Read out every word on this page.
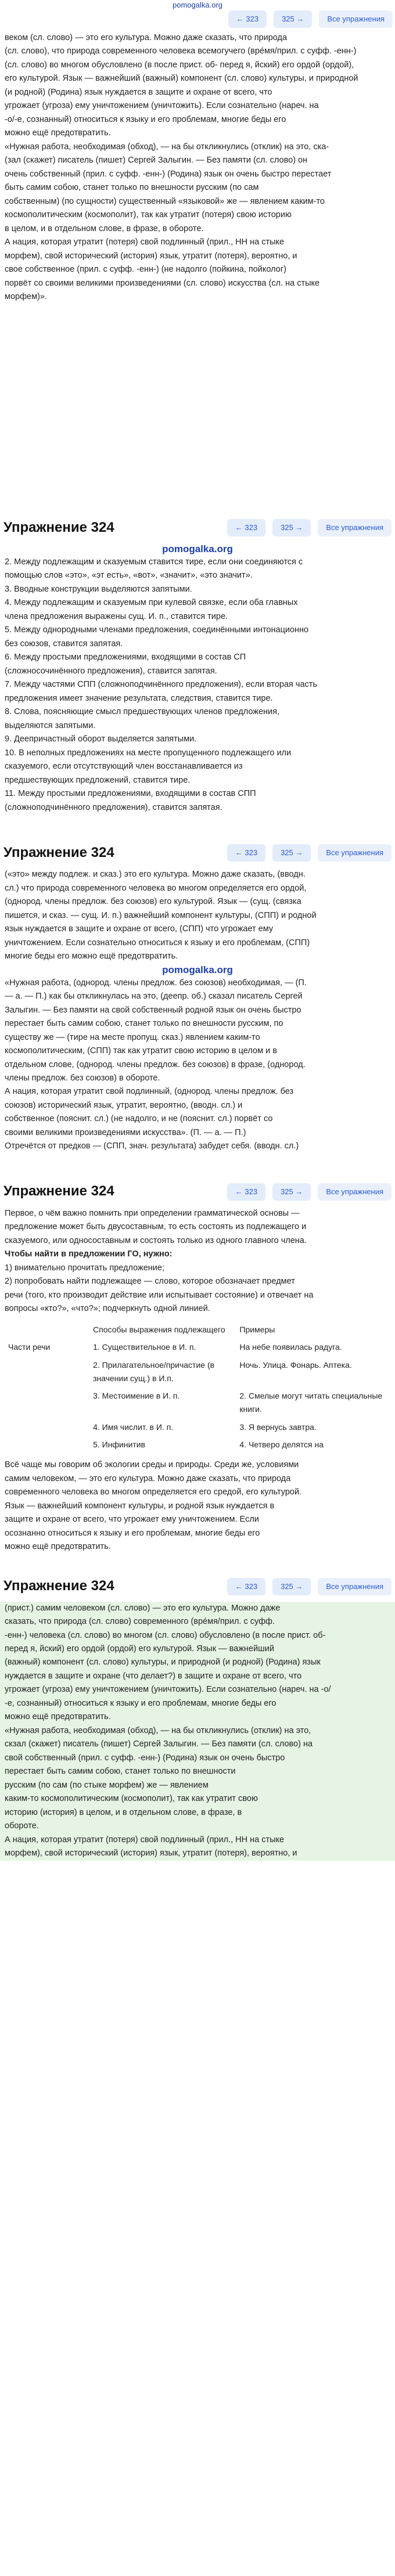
pomogalka.org
← 323	325 →	Все упражнения

веком (сл. слово) — это его культура. Можно даже сказать, что природа

(сл. слово), что природа современного человека всемогучего (вре́мя/прил. с суфф. -енн-)

(сл. слово) во многом обусловлено (в после прист. об- перед я, йский) его ордой (ордой),

его культурой. Язык — важнейший (важный) компонент (сл. слово) культуры, и природной

(и родной) (Родина) язык нуждается в защите и охране от всего, что

угрожает (угроза) ему уничтожением (уничтожить). Если сознательно (нареч. на

-о/-е, сознанный) относиться к языку и его проблемам, многие беды его

можно ещё предотвратить.

«Нужная работа, необходимая (обход), — на бы откликнулись (отклик) на это, ска-

(зал (скажет) писатель (пишет) Сергей Залыгин. — Без памяти (сл. слово) он

очень собственный (прил. с суфф. -енн-) (Родина) язык он очень быстро перестает

быть самим собою, станет только по внешности русским (по сам

собственным) (по сущности) существенный «языковой» же — явлением каким-то

космополитическим (космополит), так как утратит (потеря) свою историю

в целом, и в отдельном слове, в фразе, в обороте.

А нация, которая утратит (потеря) свой подлинный (прил., НН на стыке

морфем), свой исторический (история) язык, утратит (потеря), вероятно, и

свое собственное (прил. с суфф. -енн-) (не надолго (пойкина, пойколог)

порвёт со своими великими произведениями (сл. слово) искусства (сл. на стыке

морфем)».

Упражнение 324	← 323	325 →	Все упражнения
pomogalka.org

2. Между подлежащим и сказуемым ставится тире, если они соединяются с

помощью слов «это», «эт есть», «вот», «значит», «это значит».

3. Вводные конструкции выделяются запятыми.

4. Между подлежащим и сказуемым при кулевой связке, если оба главных

члена предложения выражены сущ. И. п., ставится тире.

5. Между однородными членами предложения, соединёнными интонационно

без союзов, ставится запятая.

6. Между простыми предложениями, входящими в состав СП

(сложносочинённого предложения), ставится запятая.

7. Между частями СПП (сложноподчинённого предложения), если вторая часть

предложения имеет значение результата, следствия, ставится тире.

8. Слова, поясняющие смысл предшествующих членов предложения,

выделяются запятыми.

9. Деепричастный оборот выделяется запятыми.

10. В неполных предложениях на месте пропущенного подлежащего или

сказуемого, если отсутствующий член восстанавливается из

предшествующих предложений, ставится тире.

11. Между простыми предложениями, входящими в состав СПП

(сложноподчинённого предложения), ставится запятая.

Упражнение 324	← 323	325 →	Все упражнения

(«это» между подлеж. и сказ.) это его культура. Можно даже сказать, (вводн.

сл.) что природа современного человека во многом определяется его ордой,

(однород. члены предлож. без союзов) его культурой. Язык — (сущ. (связка

пишется, и сказ. — сущ. И. п.) важнейший компонент культуры, (СПП) и родной

язык нуждается в защите и охране от всего, (СПП) что угрожает ему

уничтожением. Если сознательно относиться к языку и его проблемам, (СПП)

многие беды его можно ещё предотвратить.

pomogalka.org

«Нужная работа, (однород. члены предлож. без союзов) необходимая, — (П.

— а. — П.) как бы откликнулась на это, (деепр. об.) сказал писатель Сергей

Залыгин. — Без памяти на свой собственный родной язык он очень быстро

перестает быть самим собою, станет только по внешности русским, по

существу же — (тире на месте пропущ. сказ.) явлением каким-то

космополитическим, (СПП) так как утратит свою историю в целом и в

отдельном слове, (однород. члены предлож. без союзов) в фразе, (однород.

члены предлож. без союзов) в обороте.

А нация, которая утратит свой подлинный, (однород. члены предлож. без

союзов) исторический язык, утратит, вероятно, (вводн. сл.) и

собственное (пояснит. сл.) (не надолго, и не (пояснит. сл.) порвёт со

своими великими произведениями искусства». (П. — а. — П.)

Отречётся от предков — (СПП, знач. результата) забудет себя. (вводн. сл.)

Упражнение 324	← 323	325 →	Все упражнения

Первое, о чём важно помнить при определении грамматической основы —

предложение может быть двусоставным, то есть состоять из подлежащего и

сказуемого, или односоставным и состоять только из одного главного члена.

Чтобы найти в предложении ГО, нужно:

1) внимательно прочитать предложение;

2) попробовать найти подлежащее — слово, которое обозначает предмет

речи (того, кто производит действие или испытывает состояние) и отвечает на

вопросы «кто?», «что?»; подчеркнуть одной линией.

	Способы выражения подлежащего	Примеры
Части речи	1. Существительное в И. п.	На небе появилась радуга.
	2. Прилагательное/причастие (в значении сущ.) в И.п.	Ночь. Улица. Фонарь. Аптека.
	3. Местоимение в И. п.	2. Смелые могут читать специальные книги.
	4. Имя числит. в И. п.	3. Я вернусь завтра.
	5. Инфинитив	4. Четверо делятся на

Всё чаще мы говорим об экологии среды и природы. Среди же, условиями

самим человеком, — это его культура. Можно даже сказать, что природа

современного человека во многом определяется его средой, его культурой.

Язык — важнейший компонент культуры, и родной язык нуждается в

защите и охране от всего, что угрожает ему уничтожением. Если

осознанно относиться к языку и его проблемам, многие беды его

можно ещё предотвратить.

Упражнение 324	← 323	325 →	Все упражнения

(прист.) самим человеком (сл. слово) — это его культура. Можно даже

сказать, что природа (сл. слово) современного (вре́мя/прил. с суфф.

-енн-) человека (сл. слово) во многом (сл. слово) обусловлено (в после прист. об-

перед я, йский) его ордой (ордой) его культурой. Язык — важнейший

(важный) компонент (сл. слово) культуры, и природной (и родной) (Родина) язык

нуждается в защите и охране (что делает?) в защите и охране от всего, что

угрожает (угроза) ему уничтожением (уничтожить). Если сознательно (нареч. на -о/

-е, сознанный) относиться к языку и его проблемам, многие беды его

можно ещё предотвратить.

«Нужная работа, необходимая (обход), — на бы откликнулись (отклик) на это,

скзал (скажет) писатель (пишет) Сергей Залыгин. — Без памяти (сл. слово) на

свой собственный (прил. с суфф. -енн-) (Родина) язык он очень быстро

перестает быть самим собою, станет только по внешности

русским (по сам (по стыке морфем) же — явлением

каким-то космополитическим (космополит), так как утратит свою

историю (история) в целом, и в отдельном слове, в фразе, в

обороте.

А нация, которая утратит (потеря) свой подлинный (прил., НН на стыке

морфем), свой исторический (история) язык, утратит (потеря), вероятно, и
